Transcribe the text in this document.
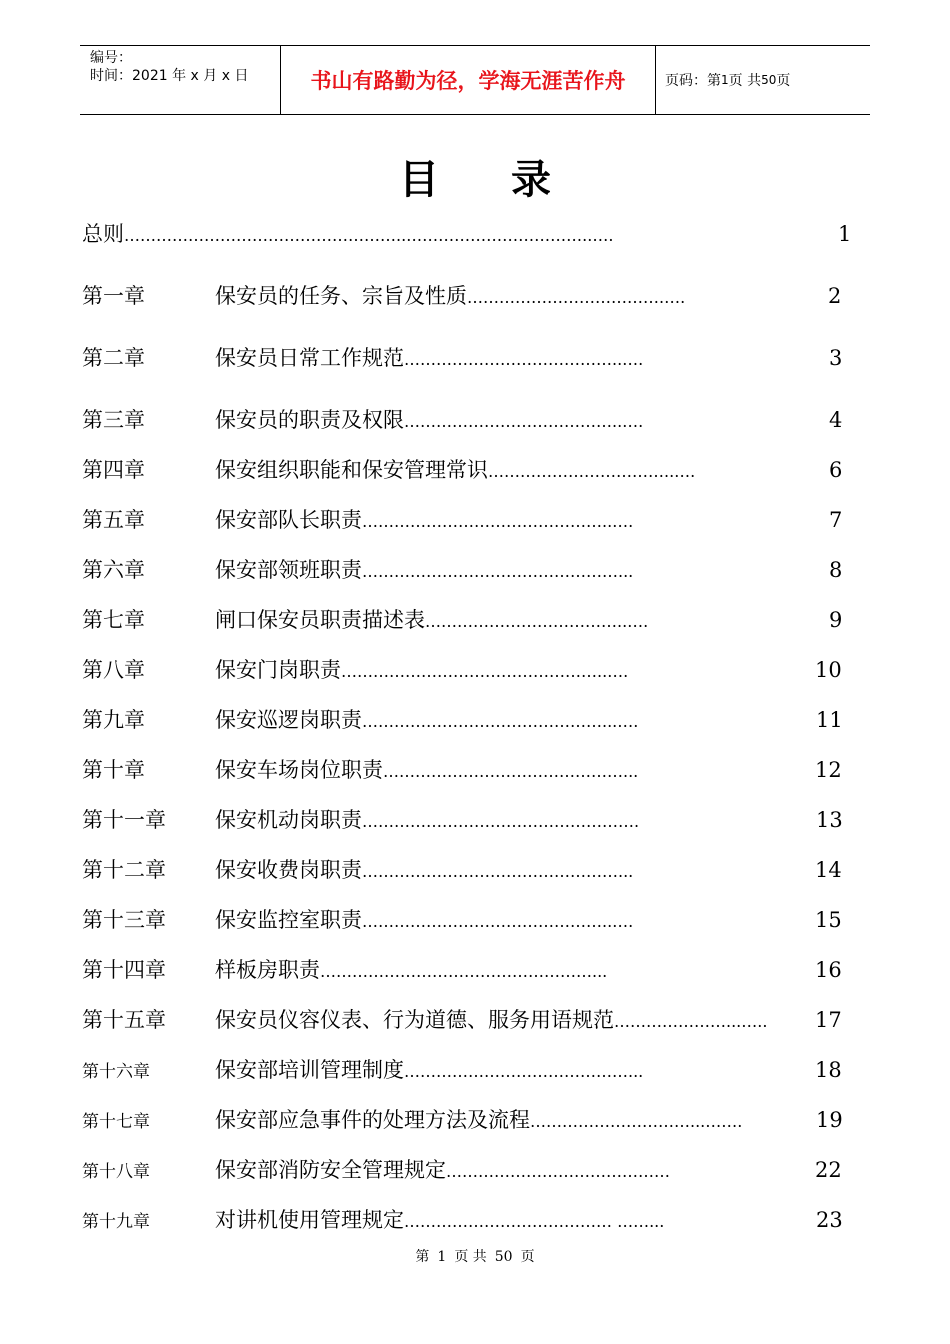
编号：
时间：2021 年 x 月 x 日	书山有路勤为径，学海无涯苦作舟	页码：第 1 页 共 50 页
目 录
总则 ……………………………………………..……………………………..….	1
第一章	保安员的任务、宗旨及性质 ……………………………….….	2
第二章	保安员日常工作规范 …………………………………..….	3
第三章	保安员的职责及权限 …………………………………..….	4
第四章	保安组织职能和保安管理常识 ……………………………..….	6
第五章	保安部队长职责 ………………………………………..….	7
第六章	保安部领班职责 …………………………………………...	8
第七章	闸口保安员职责描述表 ………………………………..….	9
第八章	保安门岗职责 …………………………………………..….	10
第九章	保安巡逻岗职责 ………………………………………...….	11
第十章	保安车场岗位职责 ………………………………………...	12
第十一章	保安机动岗职责 …………………………………………….	13
第十二章	保安收费岗职责 …………………………………………...	14
第十三章	保安监控室职责 ………………………………………..….	15
第十四章	样板房职责 ……………………………………………...	16
第十五章	保安员仪容仪表、行为道德、服务用语规范 …………………...…..	17
第十六章	保安部培训管理制度 ……………………………………...	18
第十七章	保安部应急事件的处理方法及流程 …………………………...…….	19
第十八章	保安部消防安全管理规定 ……………………………………	22
第十九章	对讲机使用管理规定 ………………………………… ……...	23
第 1 页 共 50 页
